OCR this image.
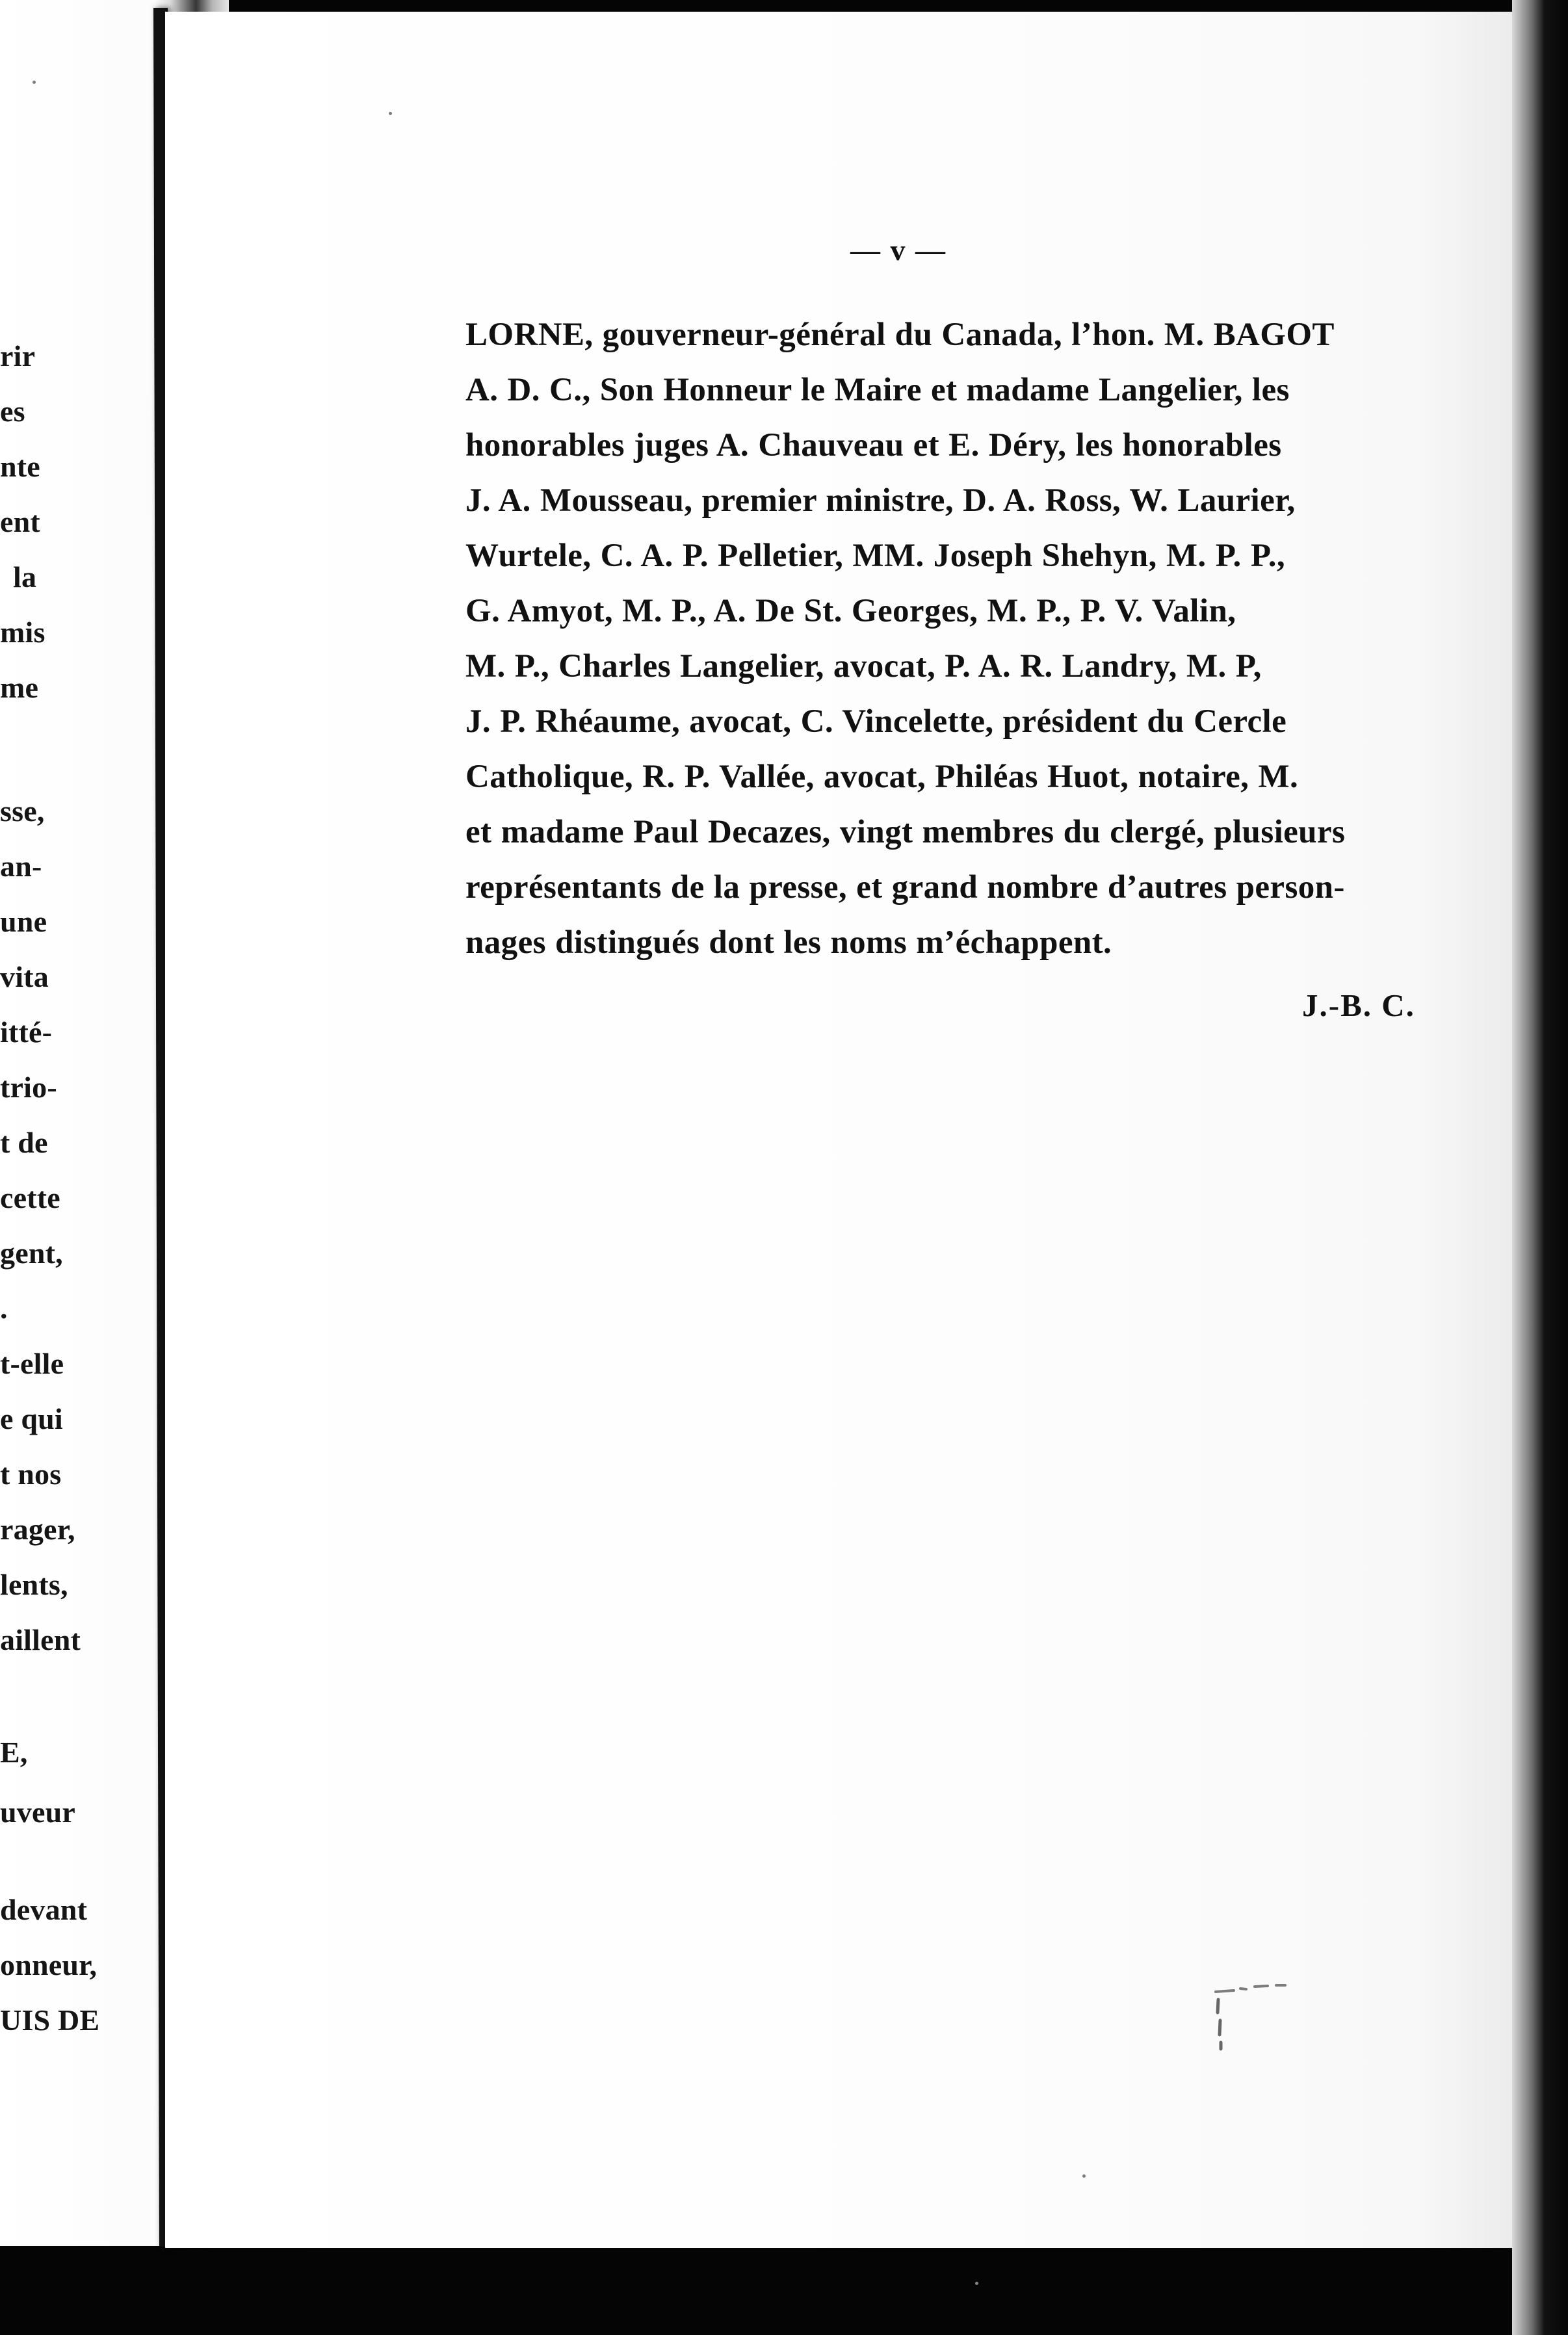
rir
es
nte
ent
la
mis
me
sse,
an-
une
vita
itté-
trio-
t de
cette
gent,
.
t-elle
e qui
t nos
rager,
lents,
aillent
E,
uveur
devant
onneur,
UIS DE
— v —
LORNE, gouverneur-général du Canada, l’hon. M. BAGOT
A. D. C., Son Honneur le Maire et madame Langelier, les
honorables juges A. Chauveau et E. Déry, les honorables
J. A. Mousseau, premier ministre, D. A. Ross, W. Laurier,
Wurtele, C. A. P. Pelletier, MM. Joseph Shehyn, M. P. P.,
G. Amyot, M. P., A. De St. Georges, M. P., P. V. Valin,
M. P., Charles Langelier, avocat, P. A. R. Landry, M. P,
J. P. Rhéaume, avocat, C. Vincelette, président du Cercle
Catholique, R. P. Vallée, avocat, Philéas Huot, notaire, M.
et madame Paul Decazes, vingt membres du clergé, plusieurs
représentants de la presse, et grand nombre d’autres person-
nages distingués dont les noms m’échappent.
J.-B. C.
